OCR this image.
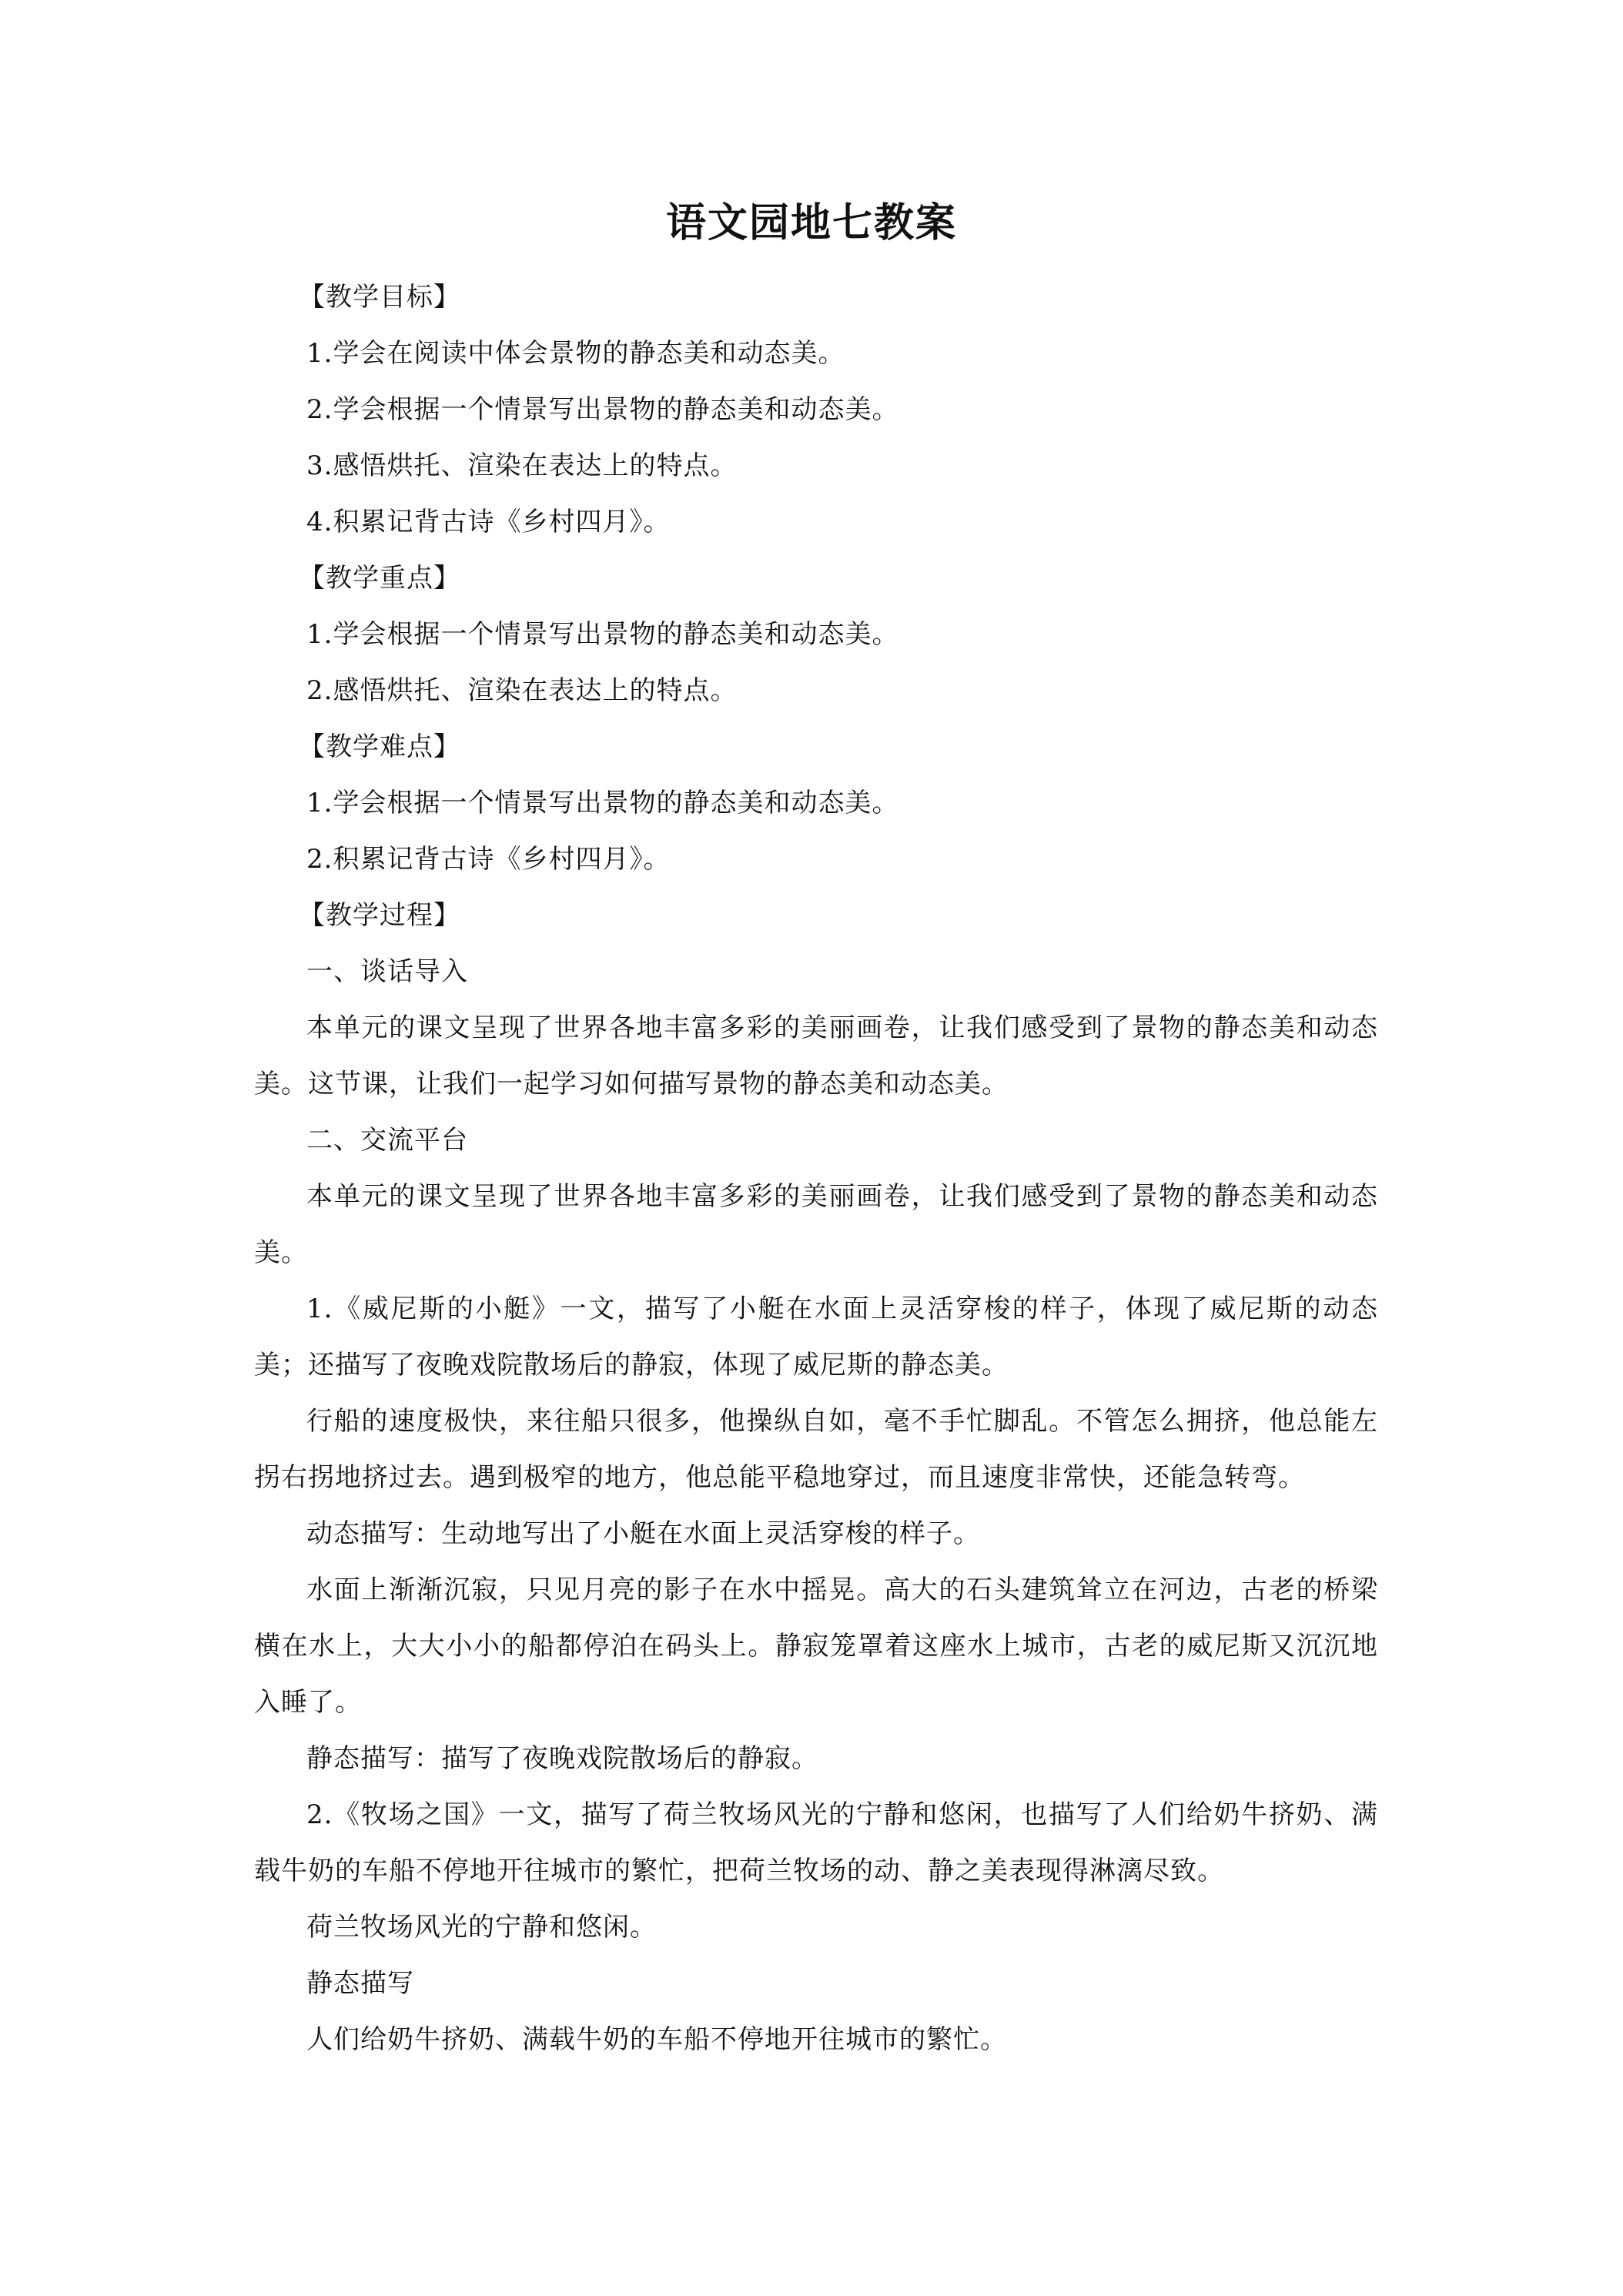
语文园地七教案

【教学目标】

1.学会在阅读中体会景物的静态美和动态美。

2.学会根据一个情景写出景物的静态美和动态美。

3.感悟烘托、渲染在表达上的特点。

4.积累记背古诗《乡村四月》。

【教学重点】

1.学会根据一个情景写出景物的静态美和动态美。

2.感悟烘托、渲染在表达上的特点。

【教学难点】

1.学会根据一个情景写出景物的静态美和动态美。

2.积累记背古诗《乡村四月》。

【教学过程】

一、谈话导入

本单元的课文呈现了世界各地丰富多彩的美丽画卷，让我们感受到了景物的静态美和动态美。这节课，让我们一起学习如何描写景物的静态美和动态美。

二、交流平台

本单元的课文呈现了世界各地丰富多彩的美丽画卷，让我们感受到了景物的静态美和动态美。

1.《威尼斯的小艇》一文，描写了小艇在水面上灵活穿梭的样子，体现了威尼斯的动态美；还描写了夜晚戏院散场后的静寂，体现了威尼斯的静态美。

行船的速度极快，来往船只很多，他操纵自如，毫不手忙脚乱。不管怎么拥挤，他总能左拐右拐地挤过去。遇到极窄的地方，他总能平稳地穿过，而且速度非常快，还能急转弯。

动态描写：生动地写出了小艇在水面上灵活穿梭的样子。

水面上渐渐沉寂，只见月亮的影子在水中摇晃。高大的石头建筑耸立在河边，古老的桥梁横在水上，大大小小的船都停泊在码头上。静寂笼罩着这座水上城市，古老的威尼斯又沉沉地入睡了。

静态描写：描写了夜晚戏院散场后的静寂。

2.《牧场之国》一文，描写了荷兰牧场风光的宁静和悠闲，也描写了人们给奶牛挤奶、满载牛奶的车船不停地开往城市的繁忙，把荷兰牧场的动、静之美表现得淋漓尽致。

荷兰牧场风光的宁静和悠闲。

静态描写

人们给奶牛挤奶、满载牛奶的车船不停地开往城市的繁忙。
